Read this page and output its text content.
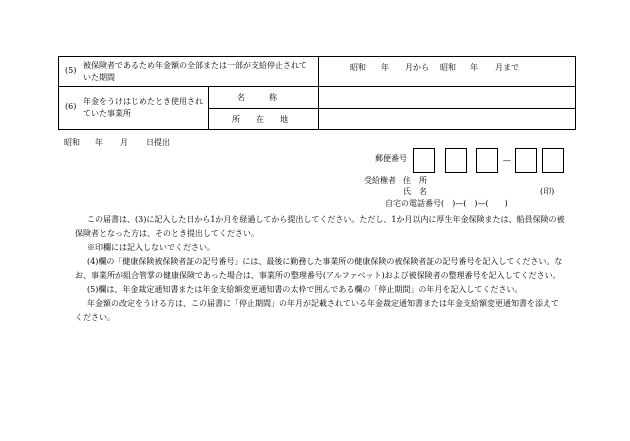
(5)
被保険者であるため年金額の全部または一部が支給停止されて
いた期間
昭和 年 月から 昭和 年 月まで
(6)
年金をうけはじめたとき使用され
ていた事業所
名　　　称
所　　在　　地
昭和 年 月 日提出
郵便番号	—
受給権者 住　所
氏　名	(印)
自宅の電話番号(　)—(　)—(　　)

この届書は、(3)に記入した日から1か月を経過してから提出してください。ただし、1か月以内に厚生年金保険または、船員保険の被

保険者となった方は、そのとき提出してください。

※印欄には記入しないでください。

(4)欄の「健康保険被保険者証の記号番号」には、最後に勤務した事業所の健康保険の被保険者証の記号番号を記入してください。な

お、事業所が組合管掌の健康保険であった場合は、事業所の整理番号(アルファベット)および被保険者の整理番号を記入してください。

(5)欄は、年金裁定通知書または年金支給額変更通知書の太枠で囲んである欄の「停止期間」の年月を記入してください。

年金額の改定をうける方は、この届書に「停止期間」の年月が記載されている年金裁定通知書または年金支給額変更通知書を添えて

ください。
